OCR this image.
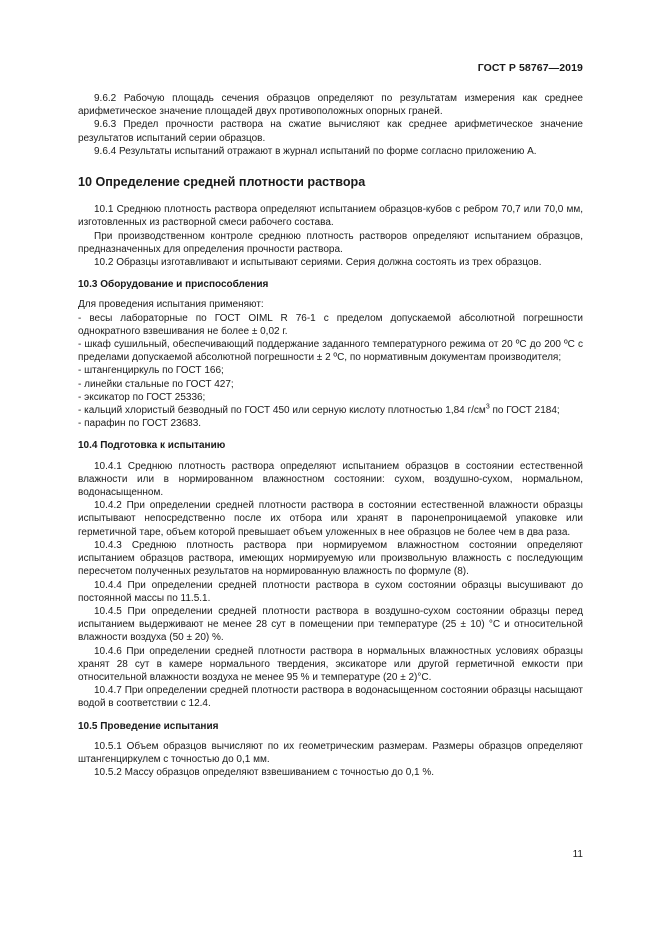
ГОСТ Р 58767—2019

9.6.2 Рабочую площадь сечения образцов определяют по результатам измерения как среднее арифметическое значение площадей двух противоположных опорных граней.

9.6.3 Предел прочности раствора на сжатие вычисляют как среднее арифметическое значение результатов испытаний серии образцов.

9.6.4 Результаты испытаний отражают в журнал испытаний по форме согласно приложению А.

10 Определение средней плотности раствора

10.1 Среднюю плотность раствора определяют испытанием образцов-кубов с ребром 70,7 или 70,0 мм, изготовленных из растворной смеси рабочего состава.

При производственном контроле среднюю плотность растворов определяют испытанием образцов, предназначенных для определения прочности раствора.

10.2 Образцы изготавливают и испытывают сериями. Серия должна состоять из трех образцов.

10.3 Оборудование и приспособления

Для проведения испытания применяют:

- весы лабораторные по ГОСТ OIML R 76-1 с пределом допускаемой абсолютной погрешности однократного взвешивания не более ± 0,02 г.

- шкаф сушильный, обеспечивающий поддержание заданного температурного режима от 20 ºС до 200 ºС с пределами допускаемой абсолютной погрешности ± 2 ºС, по нормативным документам производителя;

- штангенциркуль по ГОСТ 166;

- линейки стальные по ГОСТ 427;

- эксикатор по ГОСТ 25336;

- кальций хлористый безводный по ГОСТ 450 или серную кислоту плотностью 1,84 $г/см^3$ по ГОСТ 2184;

- парафин по ГОСТ 23683.

10.4 Подготовка к испытанию

10.4.1 Среднюю плотность раствора определяют испытанием образцов в состоянии естественной влажности или в нормированном влажностном состоянии: сухом, воздушно-сухом, нормальном, водонасыщенном.

10.4.2 При определении средней плотности раствора в состоянии естественной влажности образцы испытывают непосредственно после их отбора или хранят в паронепроницаемой упаковке или герметичной таре, объем которой превышает объем уложенных в нее образцов не более чем в два раза.

10.4.3 Среднюю плотность раствора при нормируемом влажностном состоянии определяют испытанием образцов раствора, имеющих нормируемую или произвольную влажность с последующим пересчетом полученных результатов на нормированную влажность по формуле (8).

10.4.4 При определении средней плотности раствора в сухом состоянии образцы высушивают до постоянной массы по 11.5.1.

10.4.5 При определении средней плотности раствора в воздушно-сухом состоянии образцы перед испытанием выдерживают не менее 28 сут в помещении при температуре (25 ± 10) °С и относительной влажности воздуха (50 ± 20) %.

10.4.6 При определении средней плотности раствора в нормальных влажностных условиях образцы хранят 28 сут в камере нормального твердения, эксикаторе или другой герметичной емкости при относительной влажности воздуха не менее 95 % и температуре (20 ± 2)°С.

10.4.7 При определении средней плотности раствора в водонасыщенном состоянии образцы насыщают водой в соответствии с 12.4.

10.5 Проведение испытания

10.5.1 Объем образцов вычисляют по их геометрическим размерам. Размеры образцов определяют штангенциркулем с точностью до 0,1 мм.

10.5.2 Массу образцов определяют взвешиванием с точностью до 0,1 %.

11
